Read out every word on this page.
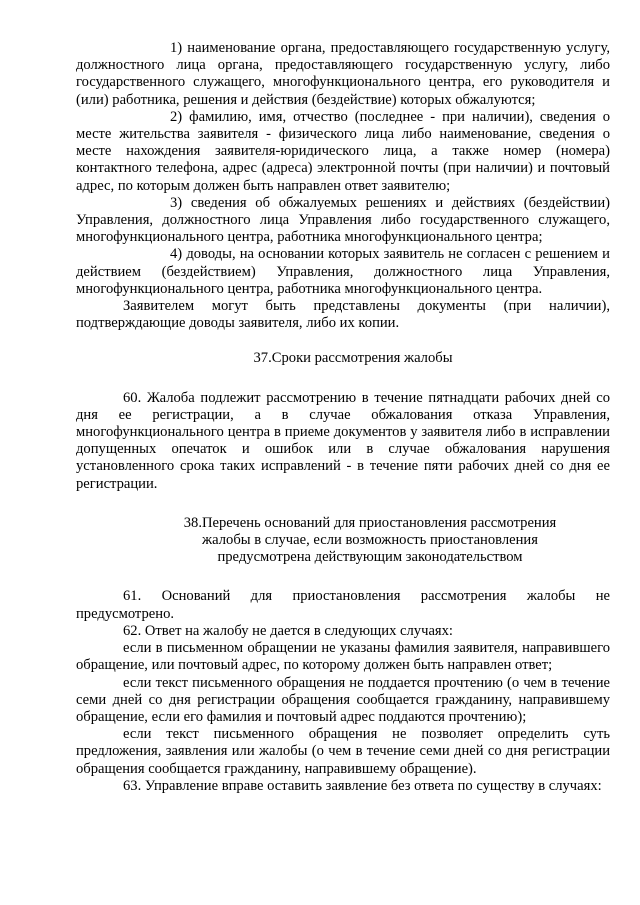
1) наименование органа, предоставляющего государственную услугу, должностного лица органа, предоставляющего государственную услугу, либо государственного служащего, многофункционального центра, его руководителя и (или) работника, решения и действия (бездействие) которых обжалуются;

2) фамилию, имя, отчество (последнее - при наличии), сведения о месте жительства заявителя - физического лица либо наименование, сведения о месте нахождения заявителя-юридического лица, а также номер (номера) контактного телефона, адрес (адреса) электронной почты (при наличии) и почтовый адрес, по которым должен быть направлен ответ заявителю;

3) сведения об обжалуемых решениях и действиях (бездействии) Управления, должностного лица Управления либо государственного служащего, многофункционального центра, работника многофункционального центра;

4) доводы, на основании которых заявитель не согласен с решением и действием (бездействием) Управления, должностного лица Управления, многофункционального центра, работника многофункционального центра.

Заявителем могут быть представлены документы (при наличии), подтверждающие доводы заявителя, либо их копии.

37.Сроки рассмотрения жалобы

60. Жалоба подлежит рассмотрению в течение пятнадцати рабочих дней со дня ее регистрации, а в случае обжалования отказа Управления, многофункционального центра в приеме документов у заявителя либо в исправлении допущенных опечаток и ошибок или в случае обжалования нарушения установленного срока таких исправлений - в течение пяти рабочих дней со дня ее регистрации.

38.Перечень оснований для приостановления рассмотрения жалобы в случае, если возможность приостановления предусмотрена действующим законодательством

61. Оснований для приостановления рассмотрения жалобы не предусмотрено.

62. Ответ на жалобу не дается в следующих случаях:

если в письменном обращении не указаны фамилия заявителя, направившего обращение, или почтовый адрес, по которому должен быть направлен ответ;

если текст письменного обращения не поддается прочтению (о чем в течение семи дней со дня регистрации обращения сообщается гражданину, направившему обращение, если его фамилия и почтовый адрес поддаются прочтению);

если текст письменного обращения не позволяет определить суть предложения, заявления или жалобы (о чем в течение семи дней со дня регистрации обращения сообщается гражданину, направившему обращение).

63. Управление вправе оставить заявление без ответа по существу в случаях:
